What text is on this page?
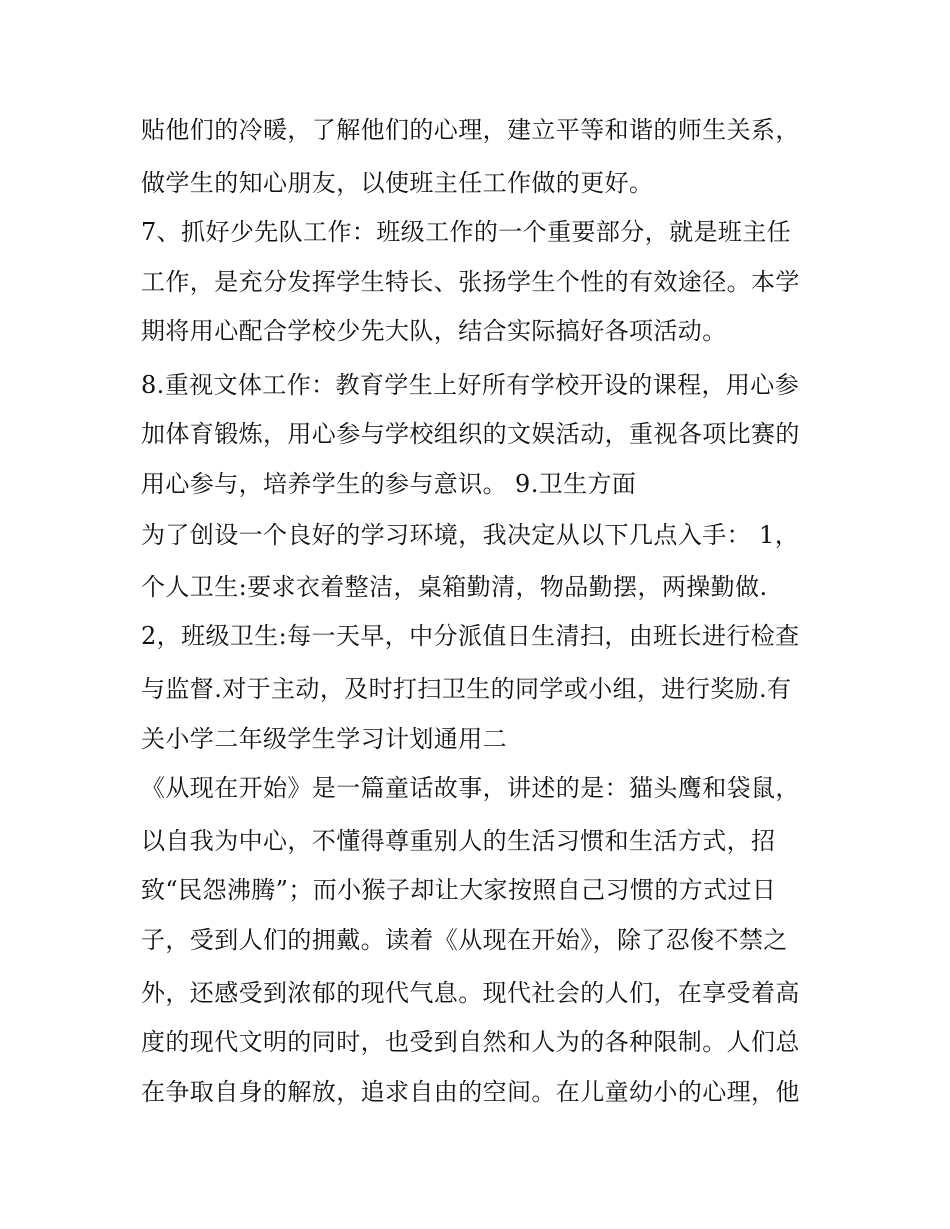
贴他们的冷暖，了解他们的心理，建立平等和谐的师生关系，
做学生的知心朋友，以使班主任工作做的更好。
7、抓好少先队工作：班级工作的一个重要部分，就是班主任
工作，是充分发挥学生特长、张扬学生个性的有效途径。本学
期将用心配合学校少先大队，结合实际搞好各项活动。
8.重视文体工作：教育学生上好所有学校开设的课程，用心参
加体育锻炼，用心参与学校组织的文娱活动，重视各项比赛的
用心参与，培养学生的参与意识。 9.卫生方面
为了创设一个良好的学习环境，我决定从以下几点入手： 1，
个人卫生:要求衣着整洁，桌箱勤清，物品勤摆，两操勤做.
2，班级卫生:每一天早，中分派值日生清扫，由班长进行检查
与监督.对于主动，及时打扫卫生的同学或小组，进行奖励.有
关小学二年级学生学习计划通用二
《从现在开始》是一篇童话故事，讲述的是：猫头鹰和袋鼠，
以自我为中心，不懂得尊重别人的生活习惯和生活方式，招
致“民怨沸腾”；而小猴子却让大家按照自己习惯的方式过日
子，受到人们的拥戴。读着《从现在开始》，除了忍俊不禁之
外，还感受到浓郁的现代气息。现代社会的人们，在享受着高
度的现代文明的同时，也受到自然和人为的各种限制。人们总
在争取自身的解放，追求自由的空间。在儿童幼小的心理，他
